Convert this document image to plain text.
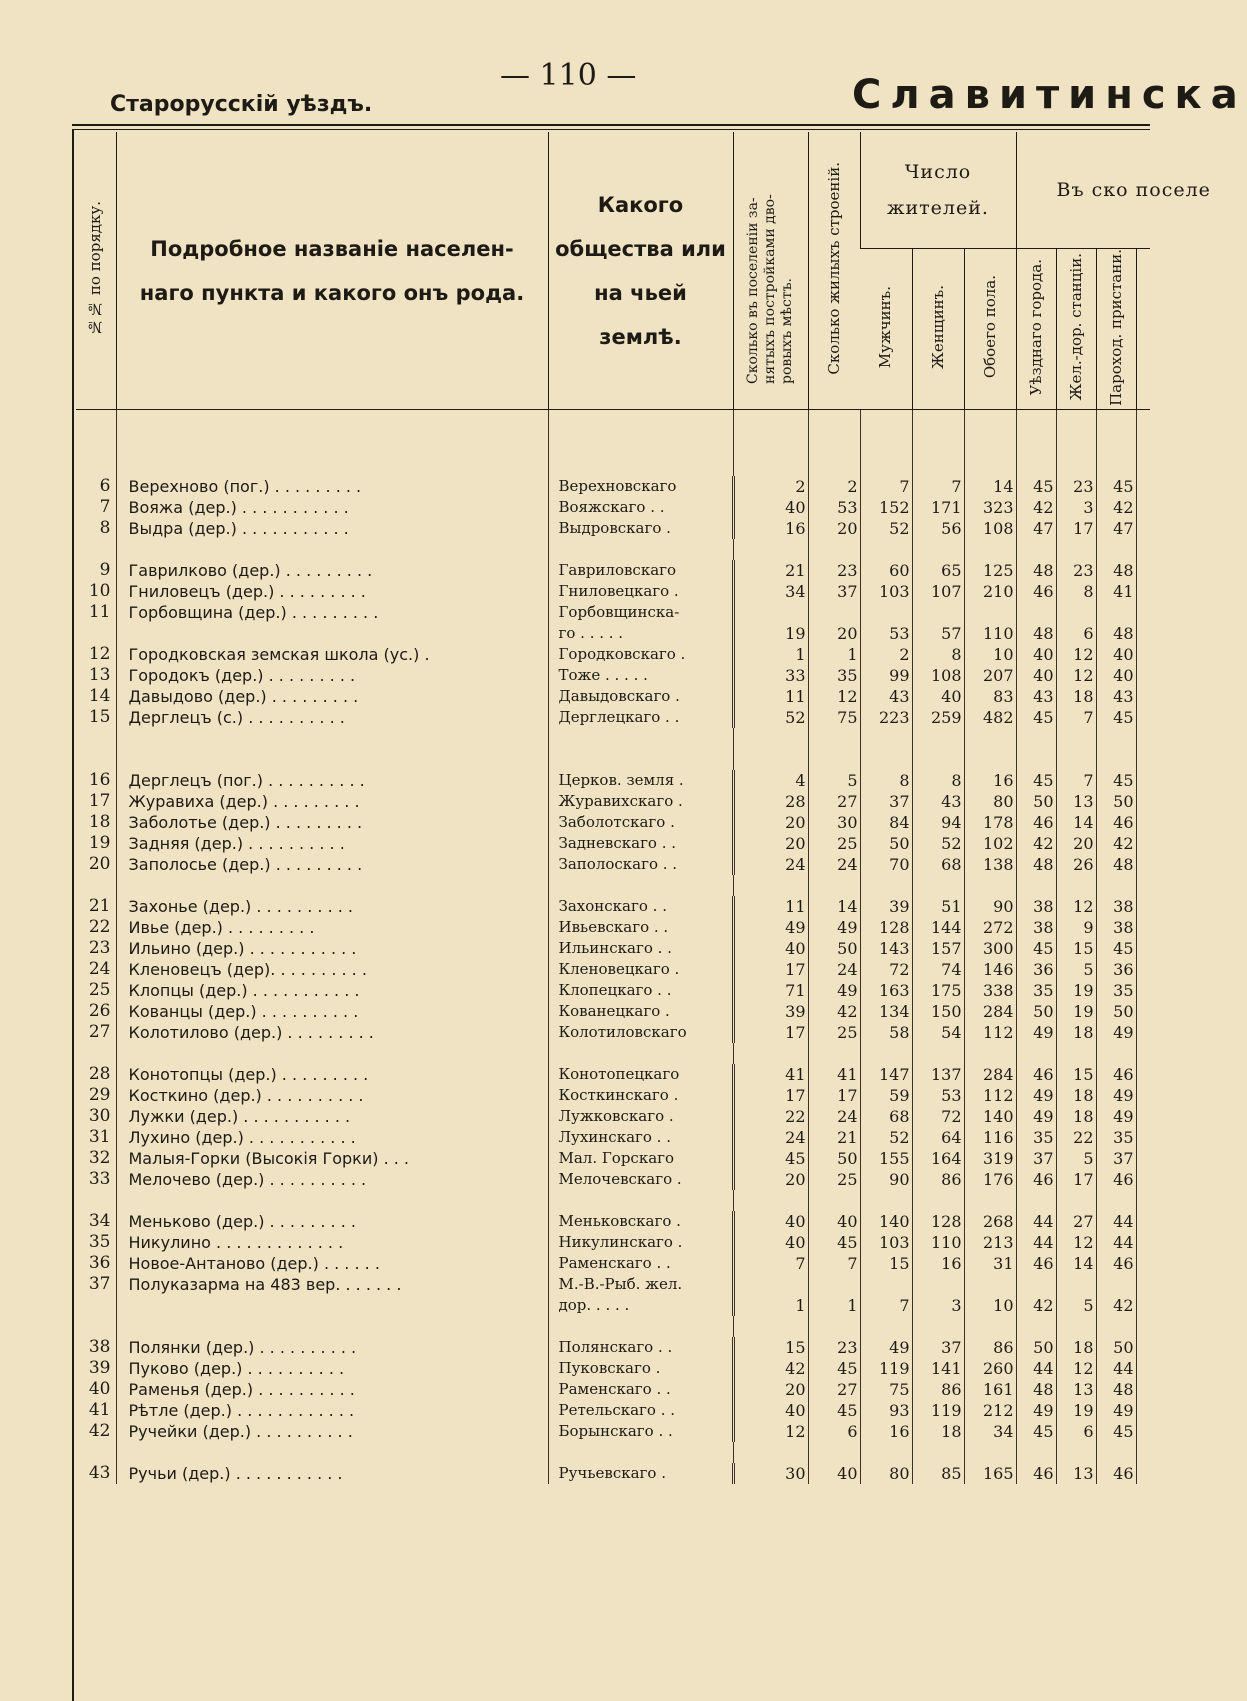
— 110 —
Старорусскій уѣздъ.	Славитинска
№№ по порядку.	Подробное названіе населен-наго пункта и какого онъ рода.	Какого общества или на чьей землѣ.	Сколько въ поселеніи за-нятыхъ постройками дво-ровыхъ мѣстъ.	Сколько жилыхъ строеній.	Число жителей.			Въ ско поселе			

					Мужчинъ.	Женщинъ.	Обоего пола.	Уѣзднаго города.	Жел.-дор. станціи.	Пароход. пристани.	

6	Верехново (пог.) . . . . . . . . .	Верехновскаго	2	2	7	7	14	45	23	45	
7	Вояжа (дер.) . . . . . . . . . . .	Вояжскаго . .	40	53	152	171	323	42	3	42	
8	Выдра (дер.) . . . . . . . . . . .	Выдровскаго .	16	20	52	56	108	47	17	47	

9	Гаврилково (дер.) . . . . . . . . .	Гавриловскаго	21	23	60	65	125	48	23	48	
10	Гниловецъ (дер.) . . . . . . . . .	Гниловецкаго .	34	37	103	107	210	46	8	41	
11	Горбовщина (дер.) . . . . . . . . .	Горбовщинска-									
		го . . . . .	19	20	53	57	110	48	6	48	
12	Городковская земская школа (ус.) .	Городковскаго .	1	1	2	8	10	40	12	40	
13	Городокъ (дер.) . . . . . . . . .	Тоже . . . . .	33	35	99	108	207	40	12	40	
14	Давыдово (дер.) . . . . . . . . .	Давыдовскаго .	11	12	43	40	83	43	18	43	
15	Дерглецъ (с.) . . . . . . . . . .	Дерглецкаго . .	52	75	223	259	482	45	7	45	

16	Дерглецъ (пог.) . . . . . . . . . .	Церков. земля .	4	5	8	8	16	45	7	45	
17	Журавиха (дер.) . . . . . . . . .	Журавихскаго .	28	27	37	43	80	50	13	50	
18	Заболотье (дер.) . . . . . . . . .	Заболотскаго .	20	30	84	94	178	46	14	46	
19	Задняя (дер.) . . . . . . . . . .	Задневскаго . .	20	25	50	52	102	42	20	42	
20	Заполосье (дер.) . . . . . . . . .	Заполоскаго . .	24	24	70	68	138	48	26	48	

21	Захонье (дер.) . . . . . . . . . .	Захонскаго . .	11	14	39	51	90	38	12	38	
22	Ивье (дер.) . . . . . . . . .	Ивьевскаго . .	49	49	128	144	272	38	9	38	
23	Ильино (дер.) . . . . . . . . . . .	Ильинскаго . .	40	50	143	157	300	45	15	45	
24	Кленовецъ (дер). . . . . . . . . .	Кленовецкаго .	17	24	72	74	146	36	5	36	
25	Клопцы (дер.) . . . . . . . . . . .	Клопецкаго . .	71	49	163	175	338	35	19	35	
26	Кованцы (дер.) . . . . . . . . . .	Кованецкаго .	39	42	134	150	284	50	19	50	
27	Колотилово (дер.) . . . . . . . . .	Колотиловскаго	17	25	58	54	112	49	18	49	

28	Конотопцы (дер.) . . . . . . . . .	Конотопецкаго	41	41	147	137	284	46	15	46	
29	Косткино (дер.) . . . . . . . . . .	Косткинскаго .	17	17	59	53	112	49	18	49	
30	Лужки (дер.) . . . . . . . . . . .	Лужковскаго .	22	24	68	72	140	49	18	49	
31	Лухино (дер.) . . . . . . . . . . .	Лухинскаго . .	24	21	52	64	116	35	22	35	
32	Малыя-Горки (Высокія Горки) . . .	Мал. Горскаго	45	50	155	164	319	37	5	37	
33	Мелочево (дер.) . . . . . . . . . .	Мелочевскаго .	20	25	90	86	176	46	17	46	

34	Меньково (дер.) . . . . . . . . .	Меньковскаго .	40	40	140	128	268	44	27	44	
35	Никулино . . . . . . . . . . . . .	Никулинскаго .	40	45	103	110	213	44	12	44	
36	Новое-Антаново (дер.) . . . . . .	Раменскаго . .	7	7	15	16	31	46	14	46	
37	Полуказарма на 483 вер. . . . . . .	М.-В.-Рыб. жел.									
		дор. . . . .	1	1	7	3	10	42	5	42	

38	Полянки (дер.) . . . . . . . . . .	Полянскаго . .	15	23	49	37	86	50	18	50	
39	Пуково (дер.) . . . . . . . . . .	Пуковскаго .	42	45	119	141	260	44	12	44	
40	Раменья (дер.) . . . . . . . . . .	Раменскаго . .	20	27	75	86	161	48	13	48	
41	Рѣтле (дер.) . . . . . . . . . . . .	Ретельскаго . .	40	45	93	119	212	49	19	49	
42	Ручейки (дер.) . . . . . . . . . .	Борынскаго . .	12	6	16	18	34	45	6	45	

43	Ручьи (дер.) . . . . . . . . . . .	Ручьевскаго .	30	40	80	85	165	46	13	46	
